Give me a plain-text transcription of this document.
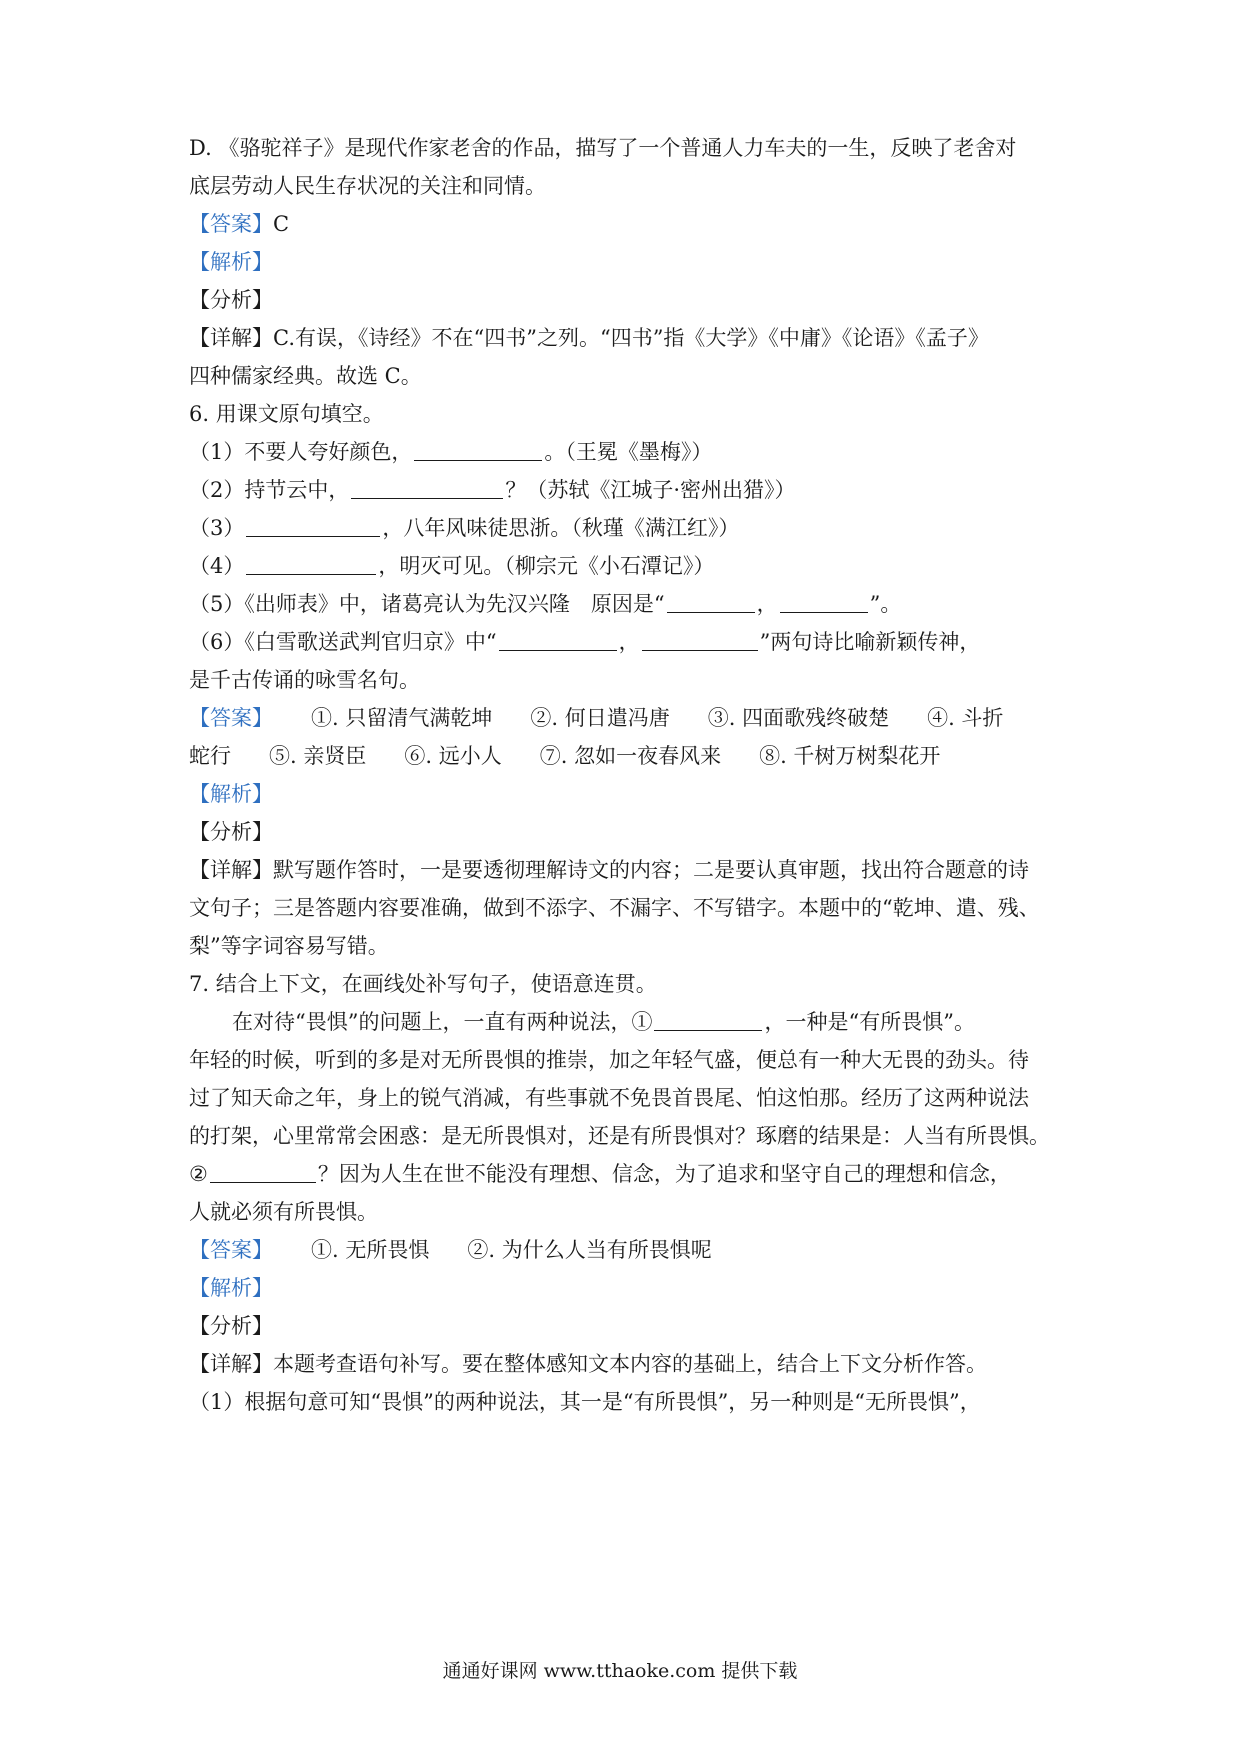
D. 《骆驼祥子》是现代作家老舍的作品，描写了一个普通人力车夫的一生，反映了老舍对
底层劳动人民生存状况的关注和同情。
【答案】C
【解析】
【分析】
【详解】C.有误，《诗经》不在“四书”之列。“四书”指《大学》《中庸》《论语》《孟子》
四种儒家经典。故选 C。
6. 用课文原句填空。
（1）不要人夸好颜色，	。（王冕《墨梅》）
（2）持节云中，	？（苏轼《江城子·密州出猎》）
（3）	，八年风味徒思浙。（秋瑾《满江红》）
（4）	，明灭可见。（柳宗元《小石潭记》）
（5）《出师表》中，诸葛亮认为先汉兴隆　原因是“	，	”。
（6）《白雪歌送武判官归京》中“	，	”两句诗比喻新颖传神，
是千古传诵的咏雪名句。
【答案】 ①. 只留清气满乾坤 ②. 何日遣冯唐 ③. 四面歌残终破楚 ④. 斗折
蛇行 ⑤. 亲贤臣 ⑥. 远小人 ⑦. 忽如一夜春风来 ⑧. 千树万树梨花开
【解析】
【分析】
【详解】默写题作答时，一是要透彻理解诗文的内容；二是要认真审题，找出符合题意的诗
文句子；三是答题内容要准确，做到不添字、不漏字、不写错字。本题中的“乾坤、遣、残、
梨”等字词容易写错。
7. 结合上下文，在画线处补写句子，使语意连贯。
在对待“畏惧”的问题上，一直有两种说法，①	，一种是“有所畏惧”。
年轻的时候，听到的多是对无所畏惧的推崇，加之年轻气盛，便总有一种大无畏的劲头。待
过了知天命之年，身上的锐气消减，有些事就不免畏首畏尾、怕这怕那。经历了这两种说法
的打架，心里常常会困惑：是无所畏惧对，还是有所畏惧对？琢磨的结果是：人当有所畏惧。
②	？因为人生在世不能没有理想、信念，为了追求和坚守自己的理想和信念，
人就必须有所畏惧。
【答案】 ①. 无所畏惧 ②. 为什么人当有所畏惧呢
【解析】
【分析】
【详解】本题考查语句补写。要在整体感知文本内容的基础上，结合上下文分析作答。
（1）根据句意可知“畏惧”的两种说法，其一是“有所畏惧”，另一种则是“无所畏惧”，
通通好课网 www.tthaoke.com 提供下载
